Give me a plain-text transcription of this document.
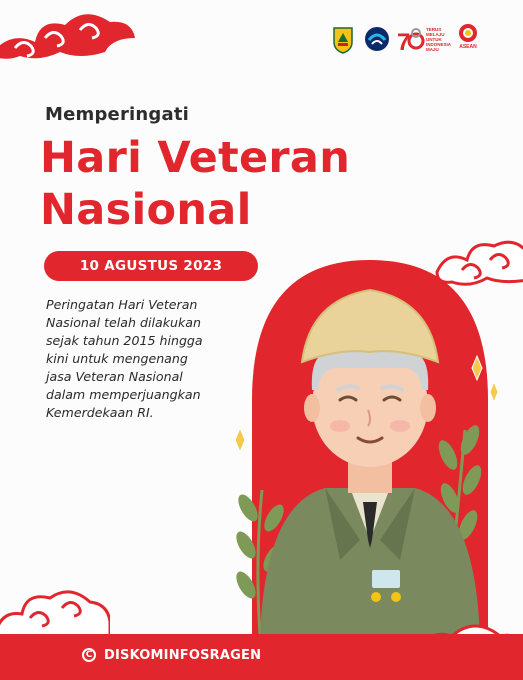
7	TERUS
MELAJU
UNTUK
INDONESIA
MAJU	ASEAN
Memperingati
Hari Veteran
Nasional
10 AGUSTUS 2023
Peringatan Hari Veteran
Nasional telah dilakukan
sejak tahun 2015 hingga
kini untuk mengenang
jasa Veteran Nasional
dalam memperjuangkan
Kemerdekaan RI.
C DISKOMINFOSRAGEN
